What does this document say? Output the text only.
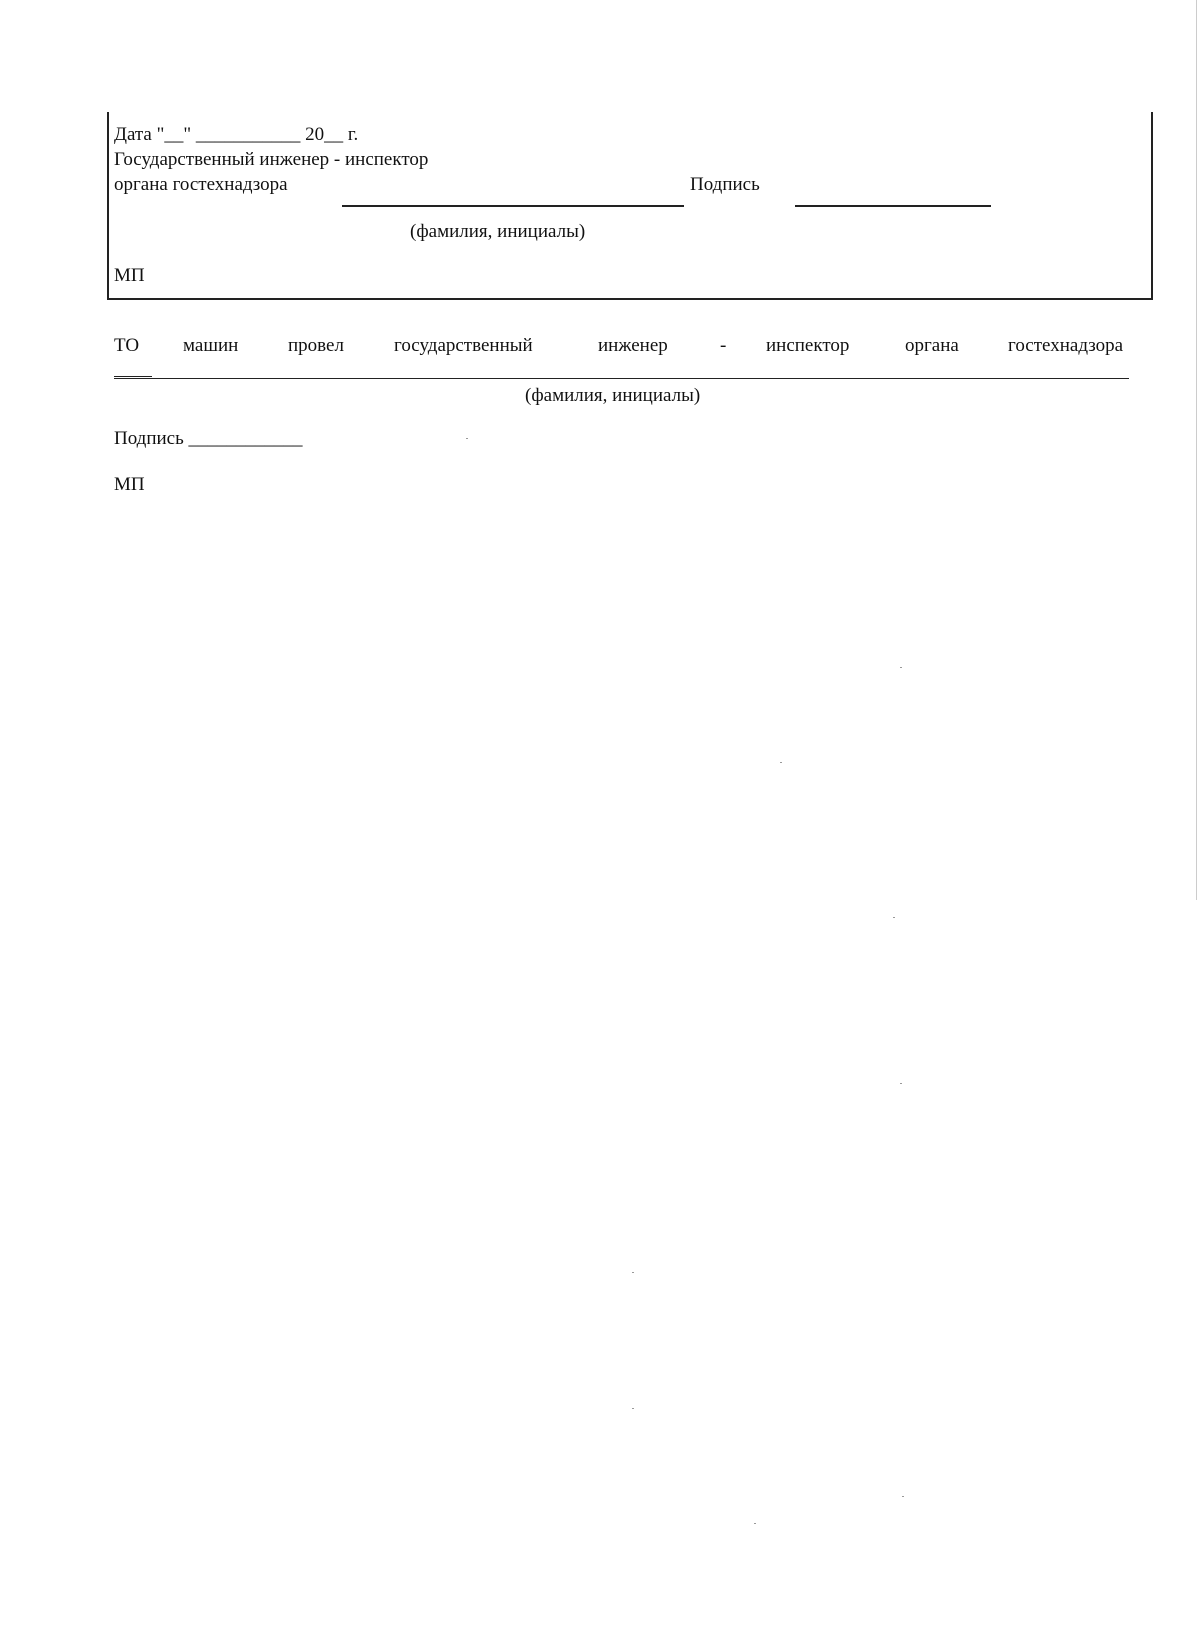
Дата "__" ___________ 20__ г.
Государственный инженер - инспектор
органа гостехнадзора	Подпись
(фамилия, инициалы)
МП
ТО машин	провел	государственный	инженер	- инспектор	органа	гостехнадзора
(фамилия, инициалы)
Подпись ____________
МП
